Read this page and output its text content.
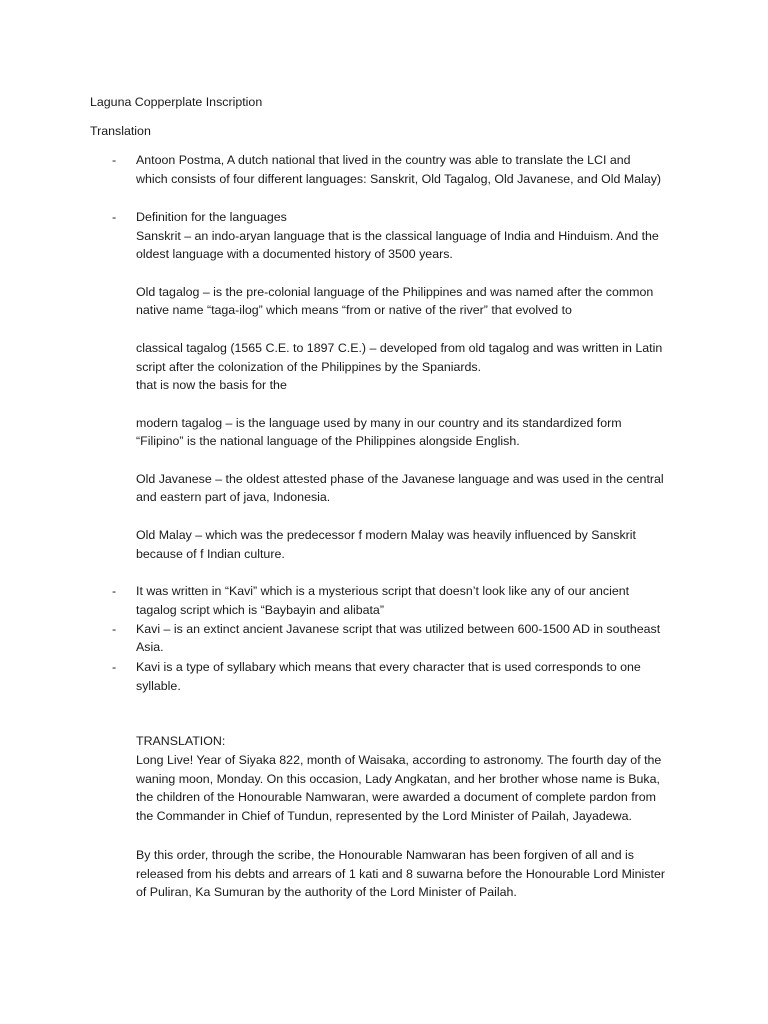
Laguna Copperplate Inscription
Translation
- Antoon Postma, A dutch national that lived in the country was able to translate the LCI and
which consists of four different languages: Sanskrit, Old Tagalog, Old Javanese, and Old Malay)
- Definition for the languages
Sanskrit – an indo-aryan language that is the classical language of India and Hinduism. And the
oldest language with a documented history of 3500 years.
Old tagalog – is the pre-colonial language of the Philippines and was named after the common
native name “taga-ilog” which means “from or native of the river” that evolved to
classical tagalog (1565 C.E. to 1897 C.E.) – developed from old tagalog and was written in Latin
script after the colonization of the Philippines by the Spaniards.
that is now the basis for the
modern tagalog – is the language used by many in our country and its standardized form
“Filipino” is the national language of the Philippines alongside English.
Old Javanese – the oldest attested phase of the Javanese language and was used in the central
and eastern part of java, Indonesia.
Old Malay – which was the predecessor f modern Malay was heavily influenced by Sanskrit
because of f Indian culture.
- It was written in “Kavi” which is a mysterious script that doesn’t look like any of our ancient
tagalog script which is “Baybayin and alibata”
- Kavi – is an extinct ancient Javanese script that was utilized between 600-1500 AD in southeast
Asia.
- Kavi is a type of syllabary which means that every character that is used corresponds to one
syllable.
TRANSLATION:
Long Live! Year of Siyaka 822, month of Waisaka, according to astronomy. The fourth day of the
waning moon, Monday. On this occasion, Lady Angkatan, and her brother whose name is Buka,
the children of the Honourable Namwaran, were awarded a document of complete pardon from
the Commander in Chief of Tundun, represented by the Lord Minister of Pailah, Jayadewa.
By this order, through the scribe, the Honourable Namwaran has been forgiven of all and is
released from his debts and arrears of 1 kati and 8 suwarna before the Honourable Lord Minister
of Puliran, Ka Sumuran by the authority of the Lord Minister of Pailah.
